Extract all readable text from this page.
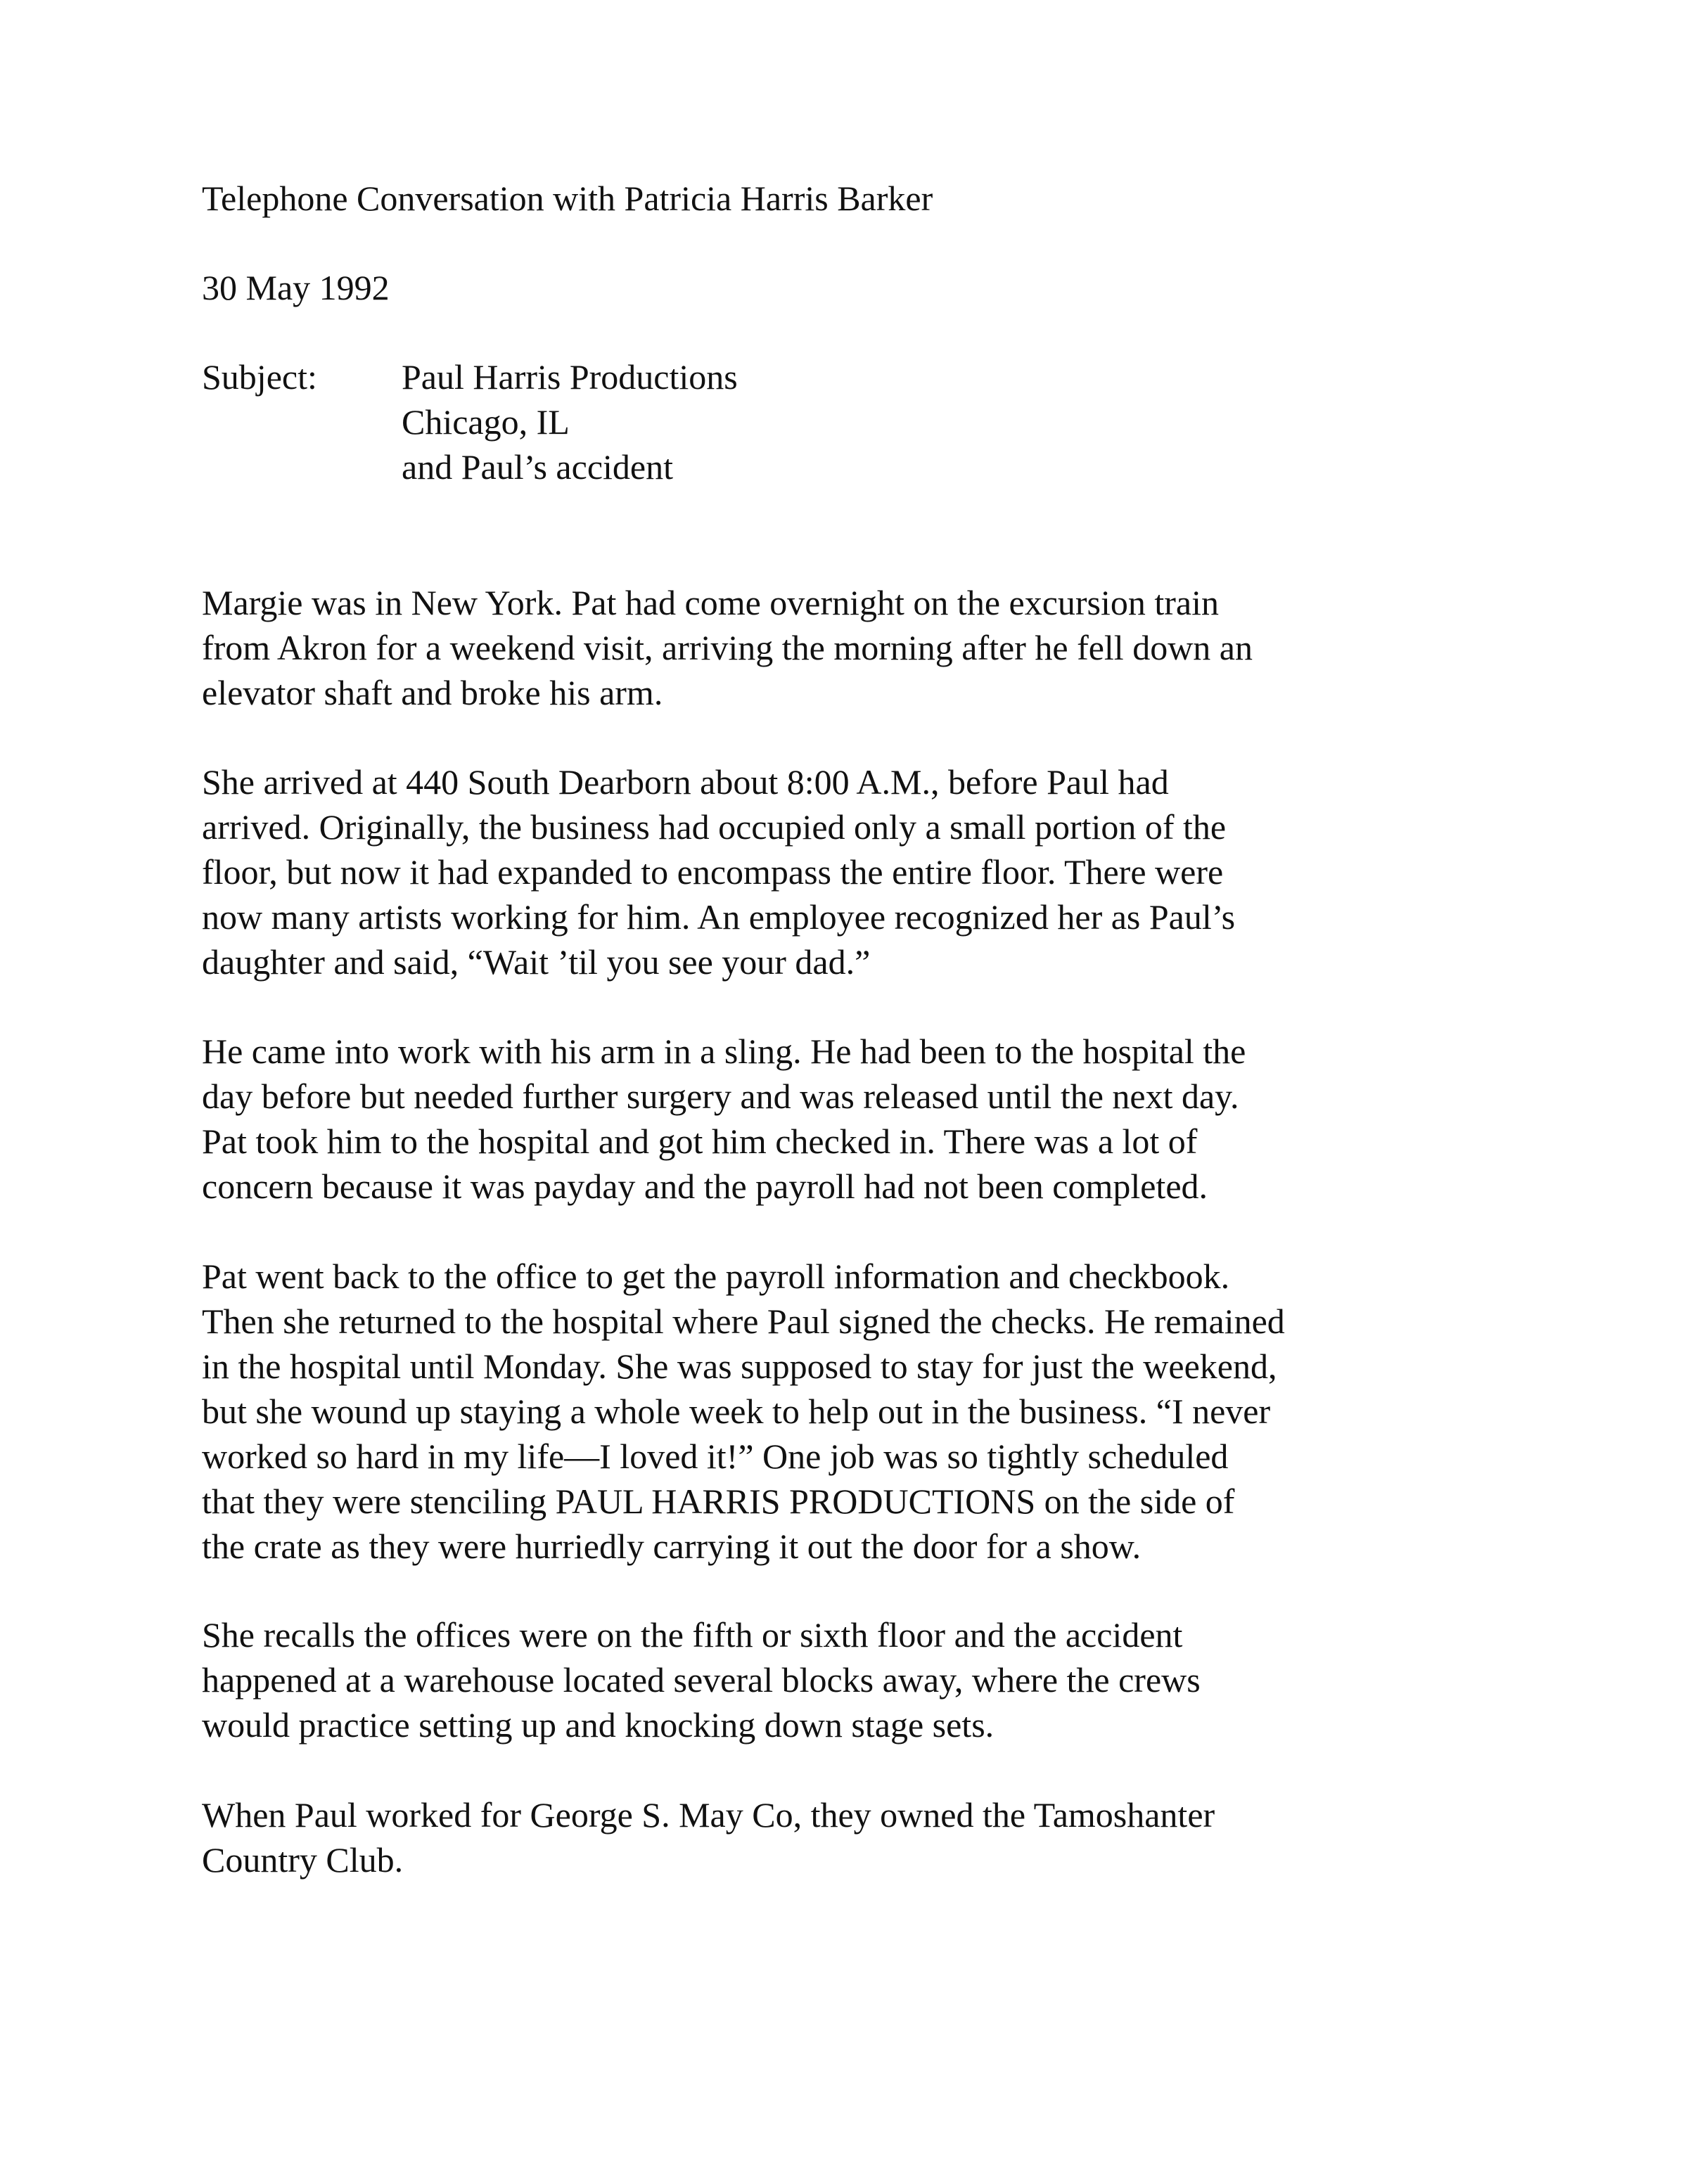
Telephone Conversation with Patricia Harris Barker

30 May 1992

Subject: Paul Harris Productions
Chicago, IL
and Paul’s accident

Margie was in New York. Pat had come overnight on the excursion train
from Akron for a weekend visit, arriving the morning after he fell down an
elevator shaft and broke his arm.

She arrived at 440 South Dearborn about 8:00 A.M., before Paul had
arrived. Originally, the business had occupied only a small portion of the
floor, but now it had expanded to encompass the entire floor. There were
now many artists working for him. An employee recognized her as Paul’s
daughter and said, “Wait ’til you see your dad.”

He came into work with his arm in a sling. He had been to the hospital the
day before but needed further surgery and was released until the next day.
Pat took him to the hospital and got him checked in. There was a lot of
concern because it was payday and the payroll had not been completed.

Pat went back to the office to get the payroll information and checkbook.
Then she returned to the hospital where Paul signed the checks. He remained
in the hospital until Monday. She was supposed to stay for just the weekend,
but she wound up staying a whole week to help out in the business. “I never
worked so hard in my life—I loved it!” One job was so tightly scheduled
that they were stenciling PAUL HARRIS PRODUCTIONS on the side of
the crate as they were hurriedly carrying it out the door for a show.

She recalls the offices were on the fifth or sixth floor and the accident
happened at a warehouse located several blocks away, where the crews
would practice setting up and knocking down stage sets.

When Paul worked for George S. May Co, they owned the Tamoshanter
Country Club.
